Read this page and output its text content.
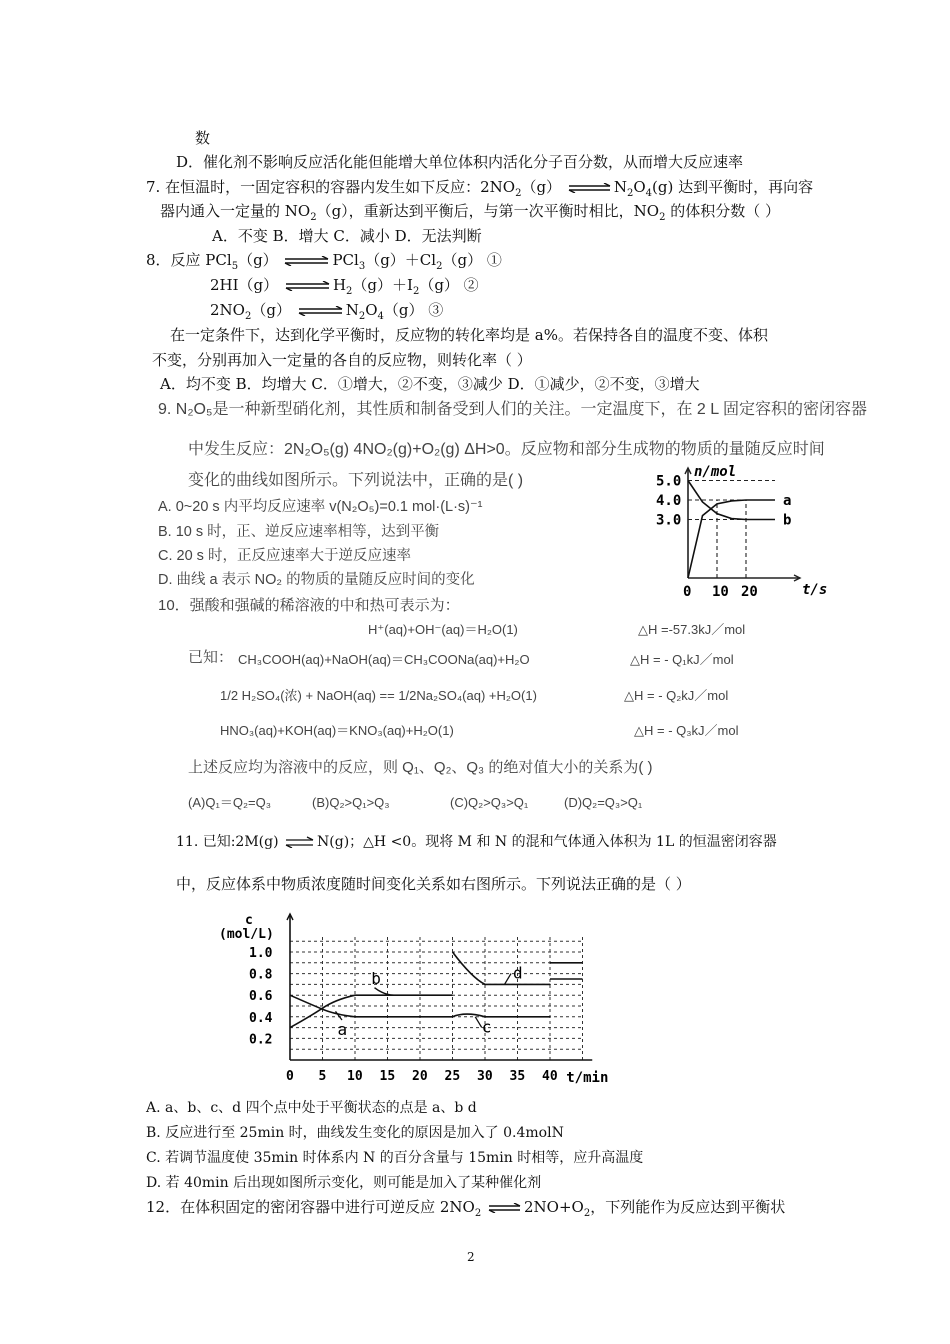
数
D．催化剂不影响反应活化能但能增大单位体积内活化分子百分数，从而增大反应速率
7. 在恒温时，一固定容积的容器内发生如下反应：$2NO_2(g)$ ⇌ $N_2O_4(g)$ 达到平衡时，再向容
器内通入一定量的 $NO_2(g)$，重新达到平衡后，与第一次平衡时相比，$NO_2$ 的体积分数（ ）
A．不变 B．增大 C．减小 D．无法判断
8．反应 PCl$_5$（g） ⇌ $PCl_3(g)+Cl_2(g)$ ①
2HI（g） ⇌ $H_2(g)+I_2(g)$ ②
$2NO_2(g)$ ⇌ $N_2O_4(g)$ ③
在一定条件下，达到化学平衡时，反应物的转化率均是 a%。若保持各自的温度不变、体积
不变，分别再加入一定量的各自的反应物，则转化率（ ）
A．均不变 B．均增大 C．①增大，②不变，③减少 D．①减少，②不变，③增大
9. N₂O₅是一种新型硝化剂，其性质和制备受到人们的关注。一定温度下，在 2 L 固定容积的密闭容器
中发生反应：2N₂O₅(g) 4NO₂(g)+O₂(g) ΔH>0。反应物和部分生成物的物质的量随反应时间
变化的曲线如图所示。下列说法中，正确的是( )
A. 0~20 s 内平均反应速率 v(N₂O₅)=0.1 mol·(L·s)⁻¹
B. 10 s 时，正、逆反应速率相等，达到平衡
C. 20 s 时，正反应速率大于逆反应速率
D. 曲线 a 表示 NO₂ 的物质的量随反应时间的变化
n/mol
t/s
5.0
4.0
3.0
0 10 20
a
b
10．强酸和强碱的稀溶液的中和热可表示为：
H⁺(aq)+OH⁻(aq)＝H₂O(1)	△H =-57.3kJ／mol
已知： CH₃COOH(aq)+NaOH(aq)＝CH₃COONa(aq)+H₂O	△H = - Q₁kJ／mol
1/2 H₂SO₄(浓) + NaOH(aq) == 1/2Na₂SO₄(aq) +H₂O(1)	△H = - Q₂kJ／mol
HNO₃(aq)+KOH(aq)＝KNO₃(aq)+H₂O(1)	△H = - Q₃kJ／mol
上述反应均为溶液中的反应，则 Q₁、Q₂、Q₃ 的绝对值大小的关系为( )
(A)Q₁＝Q₂=Q₃	(B)Q₂>Q₁>Q₃	(C)Q₂>Q₃>Q₁	(D)Q₂=Q₃>Q₁
11. 已知:2M(g) ⇌ N(g)；△H <0。现将 M 和 N 的混和气体通入体积为 1L 的恒温密闭容器
中，反应体系中物质浓度随时间变化关系如右图所示。下列说法正确的是（ ）
c
(mol/L)
1.0
0.8
0.6
0.4
0.2
0 5 10 15 20 25 30 35 40 t/min
a
b
c
d
A. a、b、c、d 四个点中处于平衡状态的点是 a、b d
B. 反应进行至 25min 时，曲线发生变化的原因是加入了 0.4molN
C. 若调节温度使 35min 时体系内 N 的百分含量与 15min 时相等，应升高温度
D. 若 40min 后出现如图所示变化，则可能是加入了某种催化剂
12．在体积固定的密闭容器中进行可逆反应 $2NO_2$ ⇌ $2NO+O_2$，下列能作为反应达到平衡状
2
